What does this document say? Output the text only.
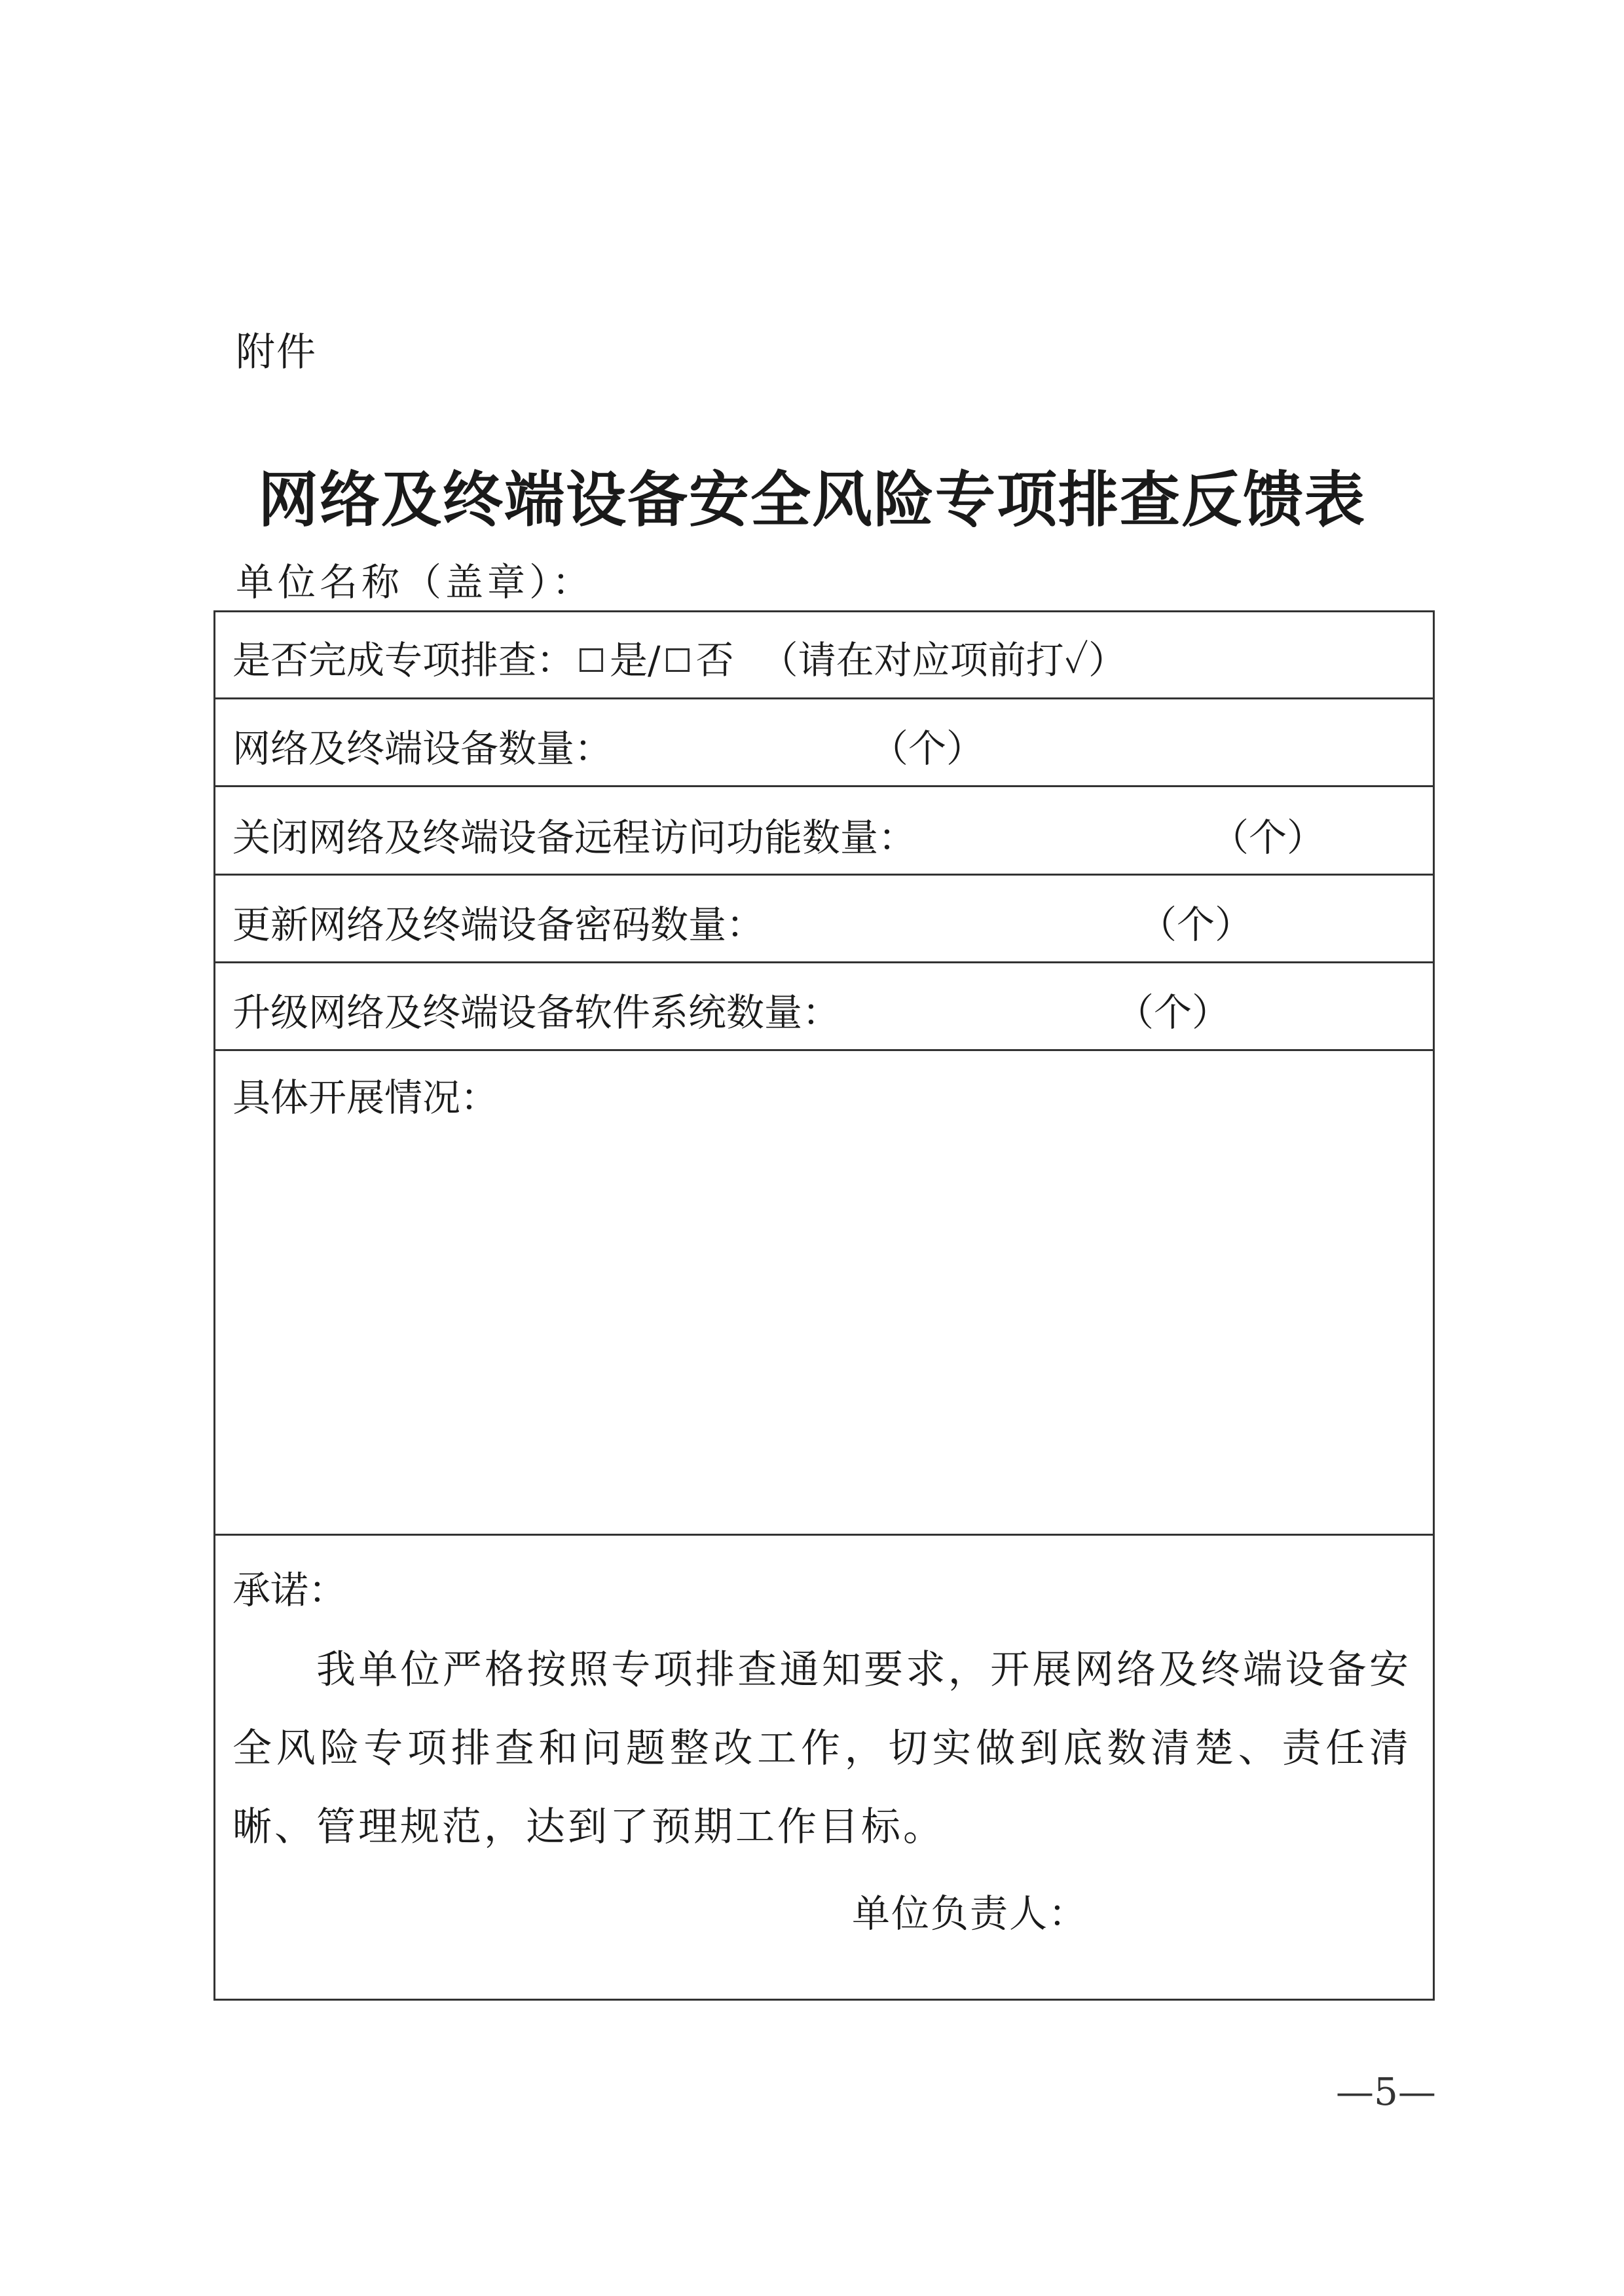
附件
网络及终端设备安全风险专项排查反馈表
单位名称（盖章）：
是否完成专项排查： 是/ 否 （请在对应项前打✓）
网络及终端设备数量：	（个）
关闭网络及终端设备远程访问功能数量：	（个）
更新网络及终端设备密码数量：	（个）
升级网络及终端设备软件系统数量：	（个）
具体开展情况：
承诺：
我单位严格按照专项排查通知要求，开展网络及终端设备安全风险专项排查和问题整改工作，切实做到底数清楚、责任清晰、管理规范，达到了预期工作目标。
单位负责人：
—5—
